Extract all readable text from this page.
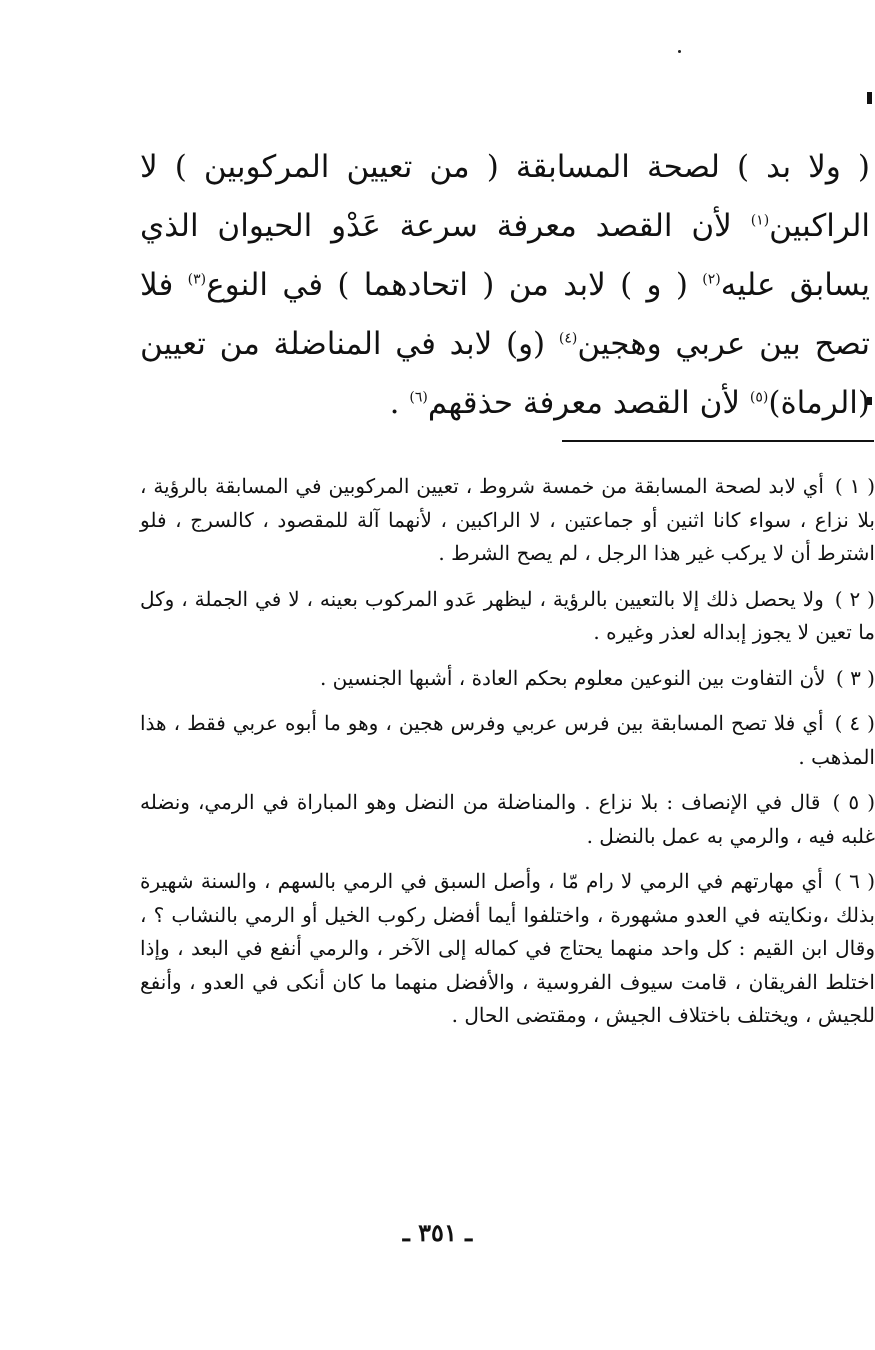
( ولا بد ) لصحة المسابقة ( من تعيين المركوبين ) لا الراكبين$^{(١)}$ لأن القصد معرفة سرعة عَدْو الحيوان الذي يسابق عليه$^{(٢)}$ ( و ) لابد من ( اتحادهما ) في النوع$^{(٣)}$ فلا تصح بين عربي وهجين$^{(٤)}$ (و) لابد في المناضلة من تعيين (الرماة)$^{(٥)}$ لأن القصد معرفة حذقهم$^{(٦)}$ .

( ١ ) أي لابد لصحة المسابقة من خمسة شروط ، تعيين المركوبين في المسابقة بالرؤية ، بلا نزاع ، سواء كانا اثنين أو جماعتين ، لا الراكبين ، لأنهما آلة للمقصود ، كالسرج ، فلو اشترط أن لا يركب غير هذا الرجل ، لم يصح الشرط .

( ٢ ) ولا يحصل ذلك إلا بالتعيين بالرؤية ، ليظهر عَدو المركوب بعينه ، لا في الجملة ، وكل ما تعين لا يجوز إبداله لعذر وغيره .

( ٣ ) لأن التفاوت بين النوعين معلوم بحكم العادة ، أشبها الجنسين .

( ٤ ) أي فلا تصح المسابقة بين فرس عربي وفرس هجين ، وهو ما أبوه عربي فقط ، هذا المذهب .

( ٥ ) قال في الإنصاف : بلا نزاع . والمناضلة من النضل وهو المباراة في الرمي، ونضله غلبه فيه ، والرمي به عمل بالنضل .

( ٦ ) أي مهارتهم في الرمي لا رام مّا ، وأصل السبق في الرمي بالسهم ، والسنة شهيرة بذلك ،ونكايته في العدو مشهورة ، واختلفوا أيما أفضل ركوب الخيل أو الرمي بالنشاب ؟ ، وقال ابن القيم : كل واحد منهما يحتاج في كماله إلى الآخر ، والرمي أنفع في البعد ، وإذا اختلط الفريقان ، قامت سيوف الفروسية ، والأفضل منهما ما كان أنكى في العدو ، وأنفع للجيش ، ويختلف باختلاف الجيش ، ومقتضى الحال .

ـ ٣٥١ ـ
